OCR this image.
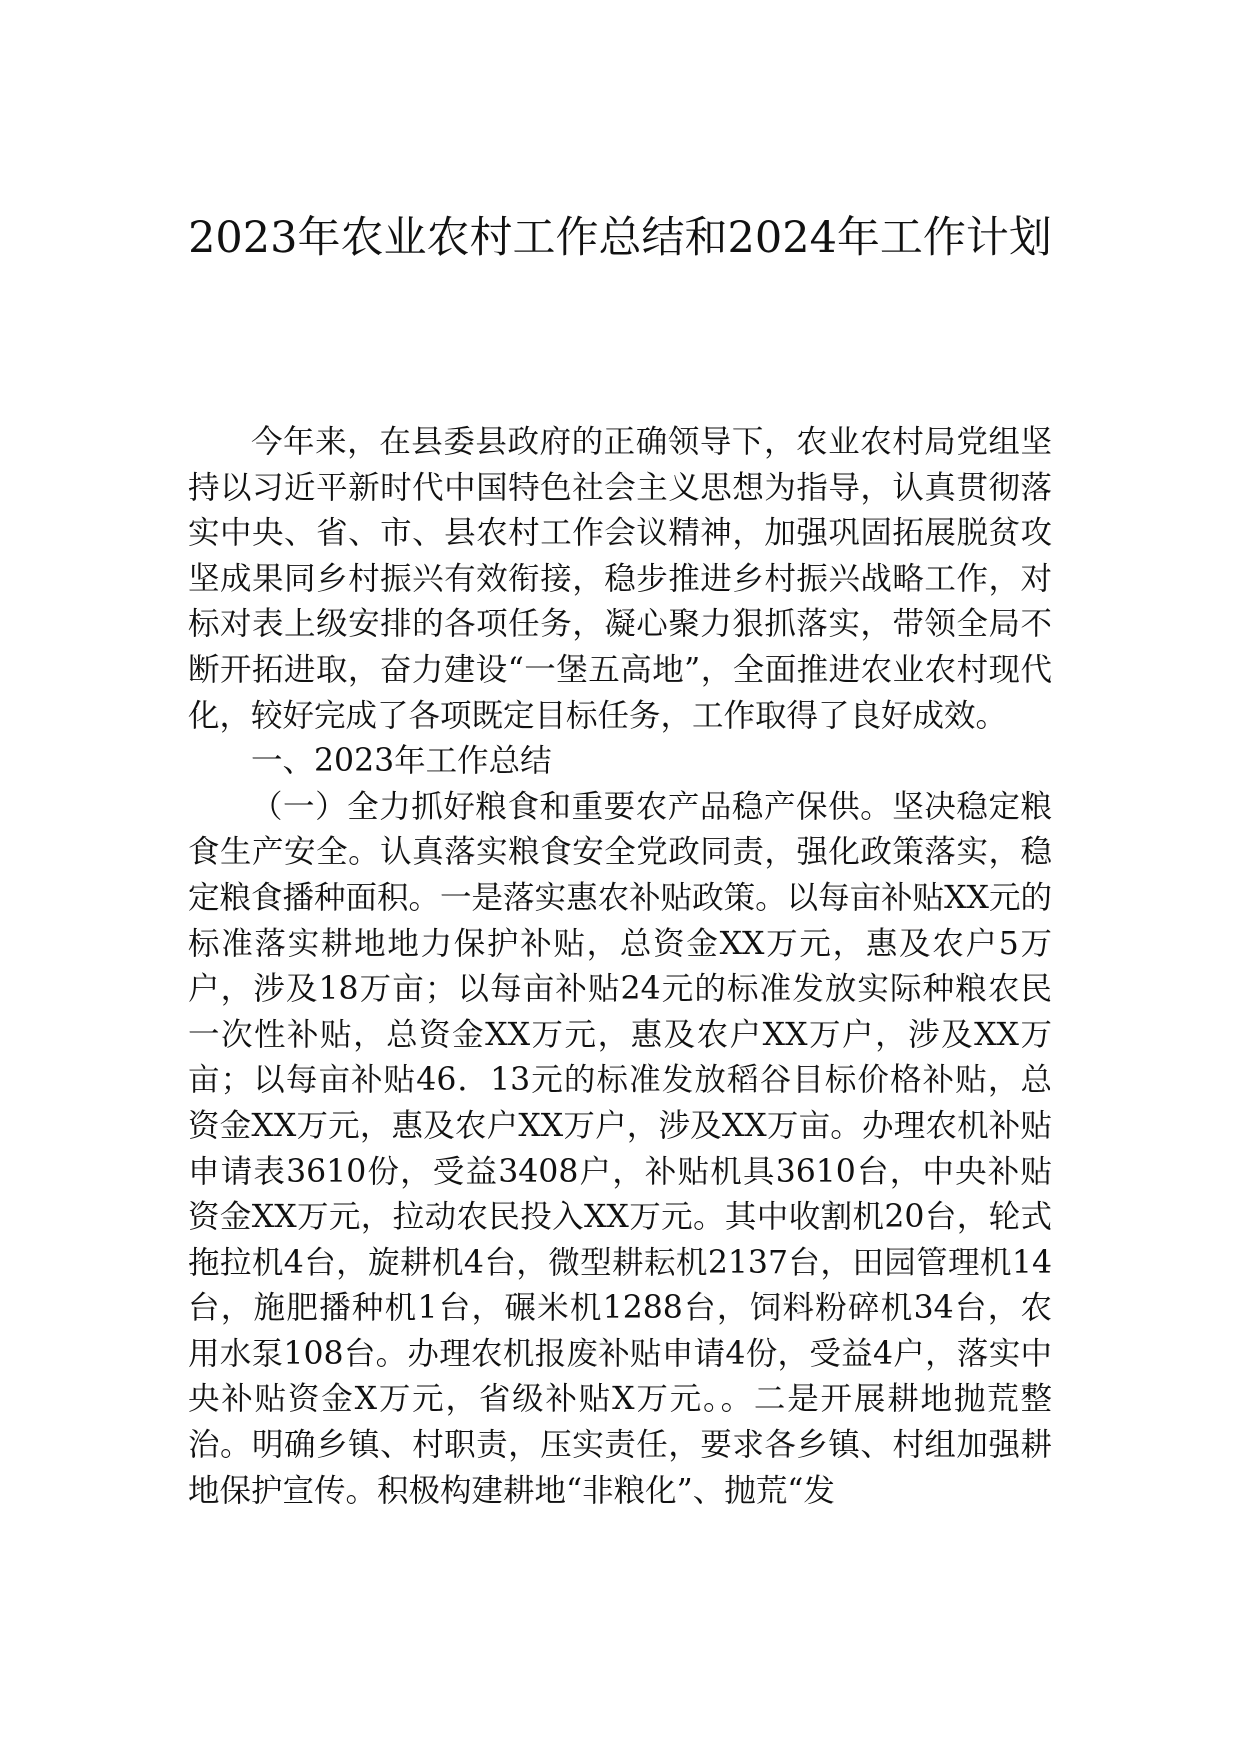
2023年农业农村工作总结和2024年工作计划

今年来，在县委县政府的正确领导下，农业农村局党组坚持以习近平新时代中国特色社会主义思想为指导，认真贯彻落实中央、省、市、县农村工作会议精神，加强巩固拓展脱贫攻坚成果同乡村振兴有效衔接，稳步推进乡村振兴战略工作，对标对表上级安排的各项任务，凝心聚力狠抓落实，带领全局不断开拓进取，奋力建设“一堡五高地”，全面推进农业农村现代化，较好完成了各项既定目标任务，工作取得了良好成效。

一、2023年工作总结

（一）全力抓好粮食和重要农产品稳产保供。坚决稳定粮食生产安全。认真落实粮食安全党政同责，强化政策落实，稳定粮食播种面积。一是落实惠农补贴政策。以每亩补贴XX元的标准落实耕地地力保护补贴，总资金XX万元，惠及农户5万户，涉及18万亩；以每亩补贴24元的标准发放实际种粮农民一次性补贴，总资金XX万元，惠及农户XX万户，涉及XX万亩；以每亩补贴46．13元的标准发放稻谷目标价格补贴，总资金XX万元，惠及农户XX万户，涉及XX万亩。办理农机补贴申请表3610份，受益3408户，补贴机具3610台，中央补贴资金XX万元，拉动农民投入XX万元。其中收割机20台，轮式拖拉机4台，旋耕机4台，微型耕耘机2137台，田园管理机14台，施肥播种机1台，碾米机1288台，饲料粉碎机34台，农用水泵108台。办理农机报废补贴申请4份，受益4户，落实中央补贴资金X万元，省级补贴X万元。。二是开展耕地抛荒整治。明确乡镇、村职责，压实责任，要求各乡镇、村组加强耕地保护宣传。积极构建耕地“非粮化”、抛荒“发
